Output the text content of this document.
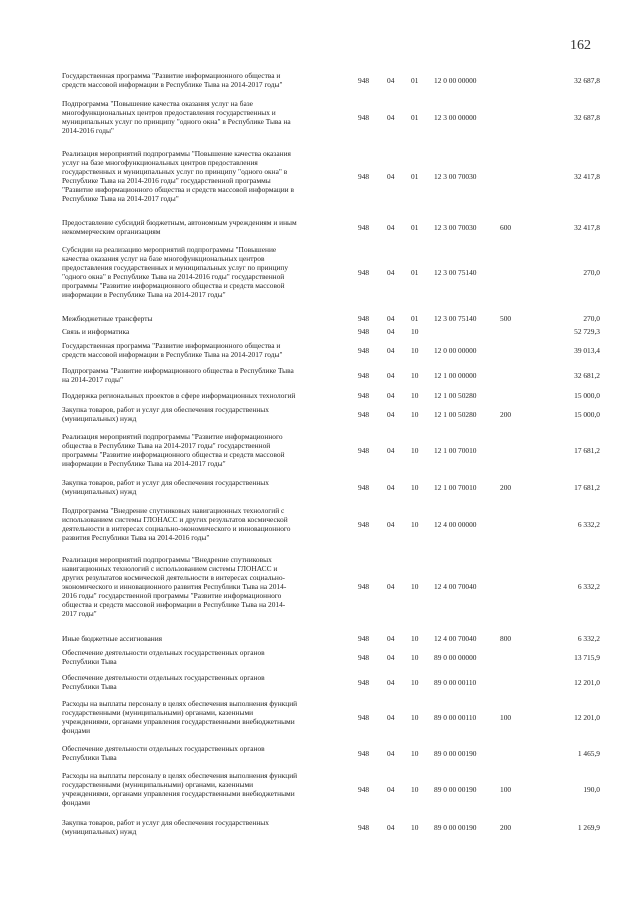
162
Государственная программа "Развитие информационного общества и
средств массовой информации в Республике Тыва на 2014-2017 годы"	948	04	01	12 0 00 00000	32 687,8
Подпрограмма "Повышение качества оказания услуг на базе
многофункциональных центров предоставления государственных и
муниципальных услуг по принципу "одного окна" в Республике Тыва на
2014-2016 годы"
948	04	01	12 3 00 00000	32 687,8
Реализация мероприятий подпрограммы "Повышение качества оказания
услуг на базе многофункциональных центров предоставления
государственных и муниципальных услуг по принципу "одного окна" в
Республике Тыва на 2014-2016 годы" государственной программы
"Развитие информационного общества и средств массовой информации в
Республике Тыва на 2014-2017 годы"
948	04	01	12 3 00 70030	32 417,8
Предоставление субсидий бюджетным, автономным учреждениям и иным
некоммерческим организациям	948	04	01	12 3 00 70030	600	32 417,8
Субсидии на реализацию мероприятий подпрограммы "Повышение
качества оказания услуг на базе многофункциональных центров
предоставления государственных и муниципальных услуг по принципу
"одного окна" в Республике Тыва на 2014-2016 годы" государственной
программы "Развитие информационного общества и средств массовой
информации в Республике Тыва на 2014-2017 годы"
948	04	01	12 3 00 75140	270,0
Межбюджетные трансферты	948	04	01	12 3 00 75140	500	270,0
Связь и информатика	948	04	10	52 729,3
Государственная программа "Развитие информационного общества и
средств массовой информации в Республике Тыва на 2014-2017 годы"	948	04	10	12 0 00 00000	39 013,4
Подпрограмма "Развитие информационного общества в Республике Тыва
на 2014-2017 годы"	948	04	10	12 1 00 00000	32 681,2
Поддержка региональных проектов в сфере информационных технологий	948	04	10	12 1 00 50280	15 000,0
Закупка товаров, работ и услуг для обеспечения государственных
(муниципальных) нужд	948	04	10	12 1 00 50280	200	15 000,0
Реализация мероприятий подпрограммы "Развитие информационного
общества в Республике Тыва на 2014-2017 годы" государственной
программы "Развитие информационного общества и средств массовой
информации в Республике Тыва на 2014-2017 годы"
948	04	10	12 1 00 70010	17 681,2
Закупка товаров, работ и услуг для обеспечения государственных
(муниципальных) нужд	948	04	10	12 1 00 70010	200	17 681,2
Подпрограмма "Внедрение спутниковых навигационных технологий с
использованием системы ГЛОНАСС и других результатов космической
деятельности в интересах социально-экономического и инновационного
развития Республики Тыва на 2014-2016 годы"
948	04	10	12 4 00 00000	6 332,2
Реализация мероприятий подпрограммы "Внедрение спутниковых
навигационных технологий с использованием системы ГЛОНАСС и
других результатов космической деятельности в интересах социально-
экономического и инновационного развития Республики Тыва на 2014-
2016 годы" государственной программы "Развитие информационного
общества и средств массовой информации в Республике Тыва на 2014-
2017 годы"
948	04	10	12 4 00 70040	6 332,2
Иные бюджетные ассигнования	948	04	10	12 4 00 70040	800	6 332,2
Обеспечение деятельности отдельных государственных органов
Республики Тыва	948	04	10	89 0 00 00000	13 715,9
Обеспечение деятельности отдельных государственных органов
Республики Тыва	948	04	10	89 0 00 00110	12 201,0
Расходы на выплаты персоналу в целях обеспечения выполнения функций
государственными (муниципальными) органами, казенными
учреждениями, органами управления государственными внебюджетными
фондами
948	04	10	89 0 00 00110	100	12 201,0
Обеспечение деятельности отдельных государственных органов
Республики Тыва	948	04	10	89 0 00 00190	1 465,9
Расходы на выплаты персоналу в целях обеспечения выполнения функций
государственными (муниципальными) органами, казенными
учреждениями, органами управления государственными внебюджетными
фондами
948	04	10	89 0 00 00190	100	190,0
Закупка товаров, работ и услуг для обеспечения государственных
(муниципальных) нужд	948	04	10	89 0 00 00190	200	1 269,9
